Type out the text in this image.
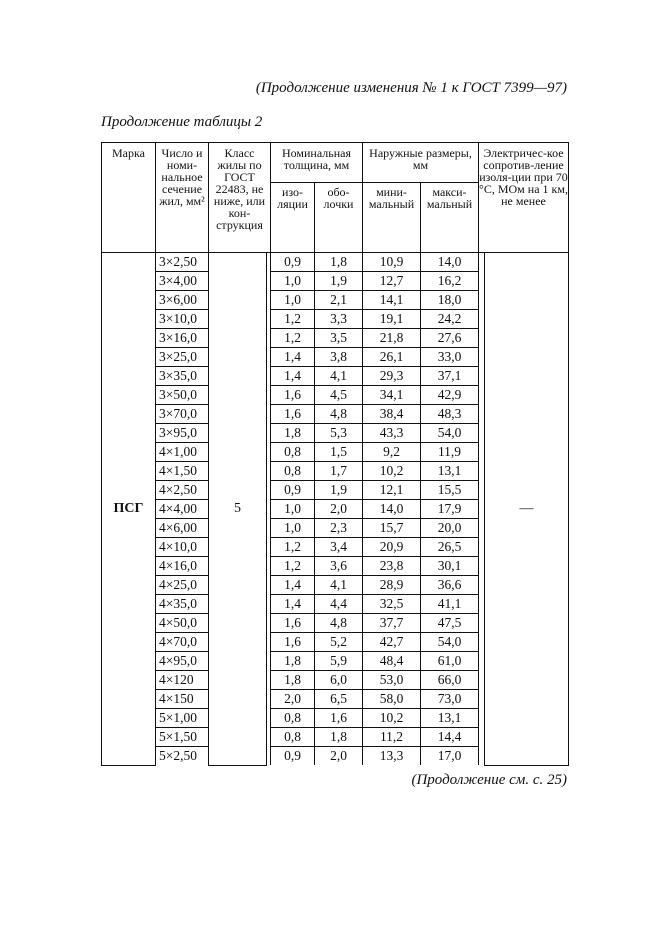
(Продолжение изменения № 1 к ГОСТ 7399—97)
Продолжение таблицы 2
Марка	Число и номи-нальное сечение жил, мм²	Класс жилы по ГОСТ 22483, не ниже, или кон-струкция		Номинальная толщина, мм		Наружные размеры, мм		Электричес-кое сопротив-ление изоля-ции при 70 °С, МОм на 1 км, не менее	
				изо-ляции	обо-лочки	мини-мальный	макси-мальный		
ПСГ	3×2,50	5		0,9	1,8	10,9	14,0		—
	3×4,00			1,0	1,9	12,7	16,2		
	3×6,00			1,0	2,1	14,1	18,0		
	3×10,0			1,2	3,3	19,1	24,2		
	3×16,0			1,2	3,5	21,8	27,6		
	3×25,0			1,4	3,8	26,1	33,0		
	3×35,0			1,4	4,1	29,3	37,1		
	3×50,0			1,6	4,5	34,1	42,9		
	3×70,0			1,6	4,8	38,4	48,3		
	3×95,0			1,8	5,3	43,3	54,0		
	4×1,00			0,8	1,5	9,2	11,9		
	4×1,50			0,8	1,7	10,2	13,1		
	4×2,50			0,9	1,9	12,1	15,5		
	4×4,00			1,0	2,0	14,0	17,9		
	4×6,00			1,0	2,3	15,7	20,0		
	4×10,0			1,2	3,4	20,9	26,5		
	4×16,0			1,2	3,6	23,8	30,1		
	4×25,0			1,4	4,1	28,9	36,6		
	4×35,0			1,4	4,4	32,5	41,1		
	4×50,0			1,6	4,8	37,7	47,5		
	4×70,0			1,6	5,2	42,7	54,0		
	4×95,0			1,8	5,9	48,4	61,0		
	4×120			1,8	6,0	53,0	66,0		
	4×150			2,0	6,5	58,0	73,0		
	5×1,00			0,8	1,6	10,2	13,1		
	5×1,50			0,8	1,8	11,2	14,4		
	5×2,50			0,9	2,0	13,3	17,0		
(Продолжение см. с. 25)
